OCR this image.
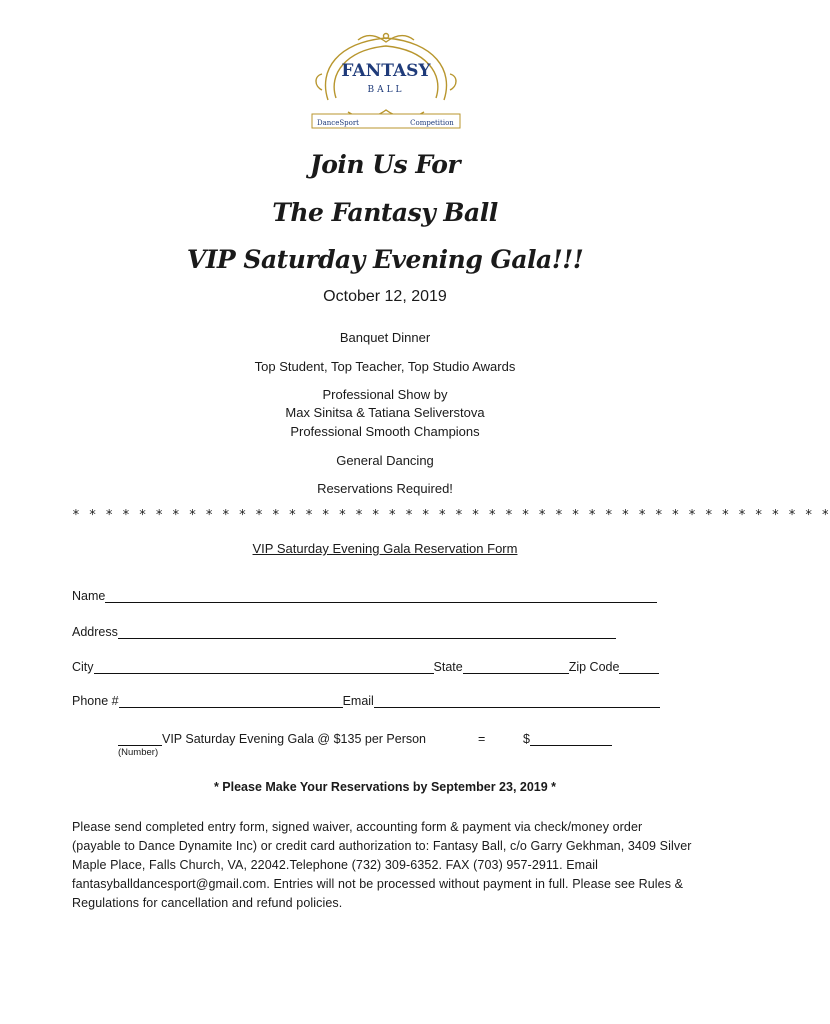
FANTASY
BALL
DanceSport	Competition
Join Us For
The Fantasy Ball
VIP Saturday Evening Gala!!!
October 12, 2019
Banquet Dinner
Top Student, Top Teacher, Top Studio Awards
Professional Show by
Max Sinitsa & Tatiana Seliverstova
Professional Smooth Champions
General Dancing
Reservations Required!
* * * * * * * * * * * * * * * * * * * * * * * * * * * * * * * * * * * * * * * * * * * * * *
VIP Saturday Evening Gala Reservation Form
Name
Address
City	State	Zip Code
Phone #	Email
VIP Saturday Evening Gala @ $135 per Person	=	$
(Number)
* Please Make Your Reservations by September 23, 2019 *
Please send completed entry form, signed waiver, accounting form & payment via check/money order (payable to Dance Dynamite Inc) or credit card authorization to: Fantasy Ball, c/o Garry Gekhman, 3409 Silver Maple Place, Falls Church, VA, 22042.Telephone (732) 309-6352. FAX (703) 957-2911. Email fantasyballdancesport@gmail.com. Entries will not be processed without payment in full. Please see Rules & Regulations for cancellation and refund policies.
